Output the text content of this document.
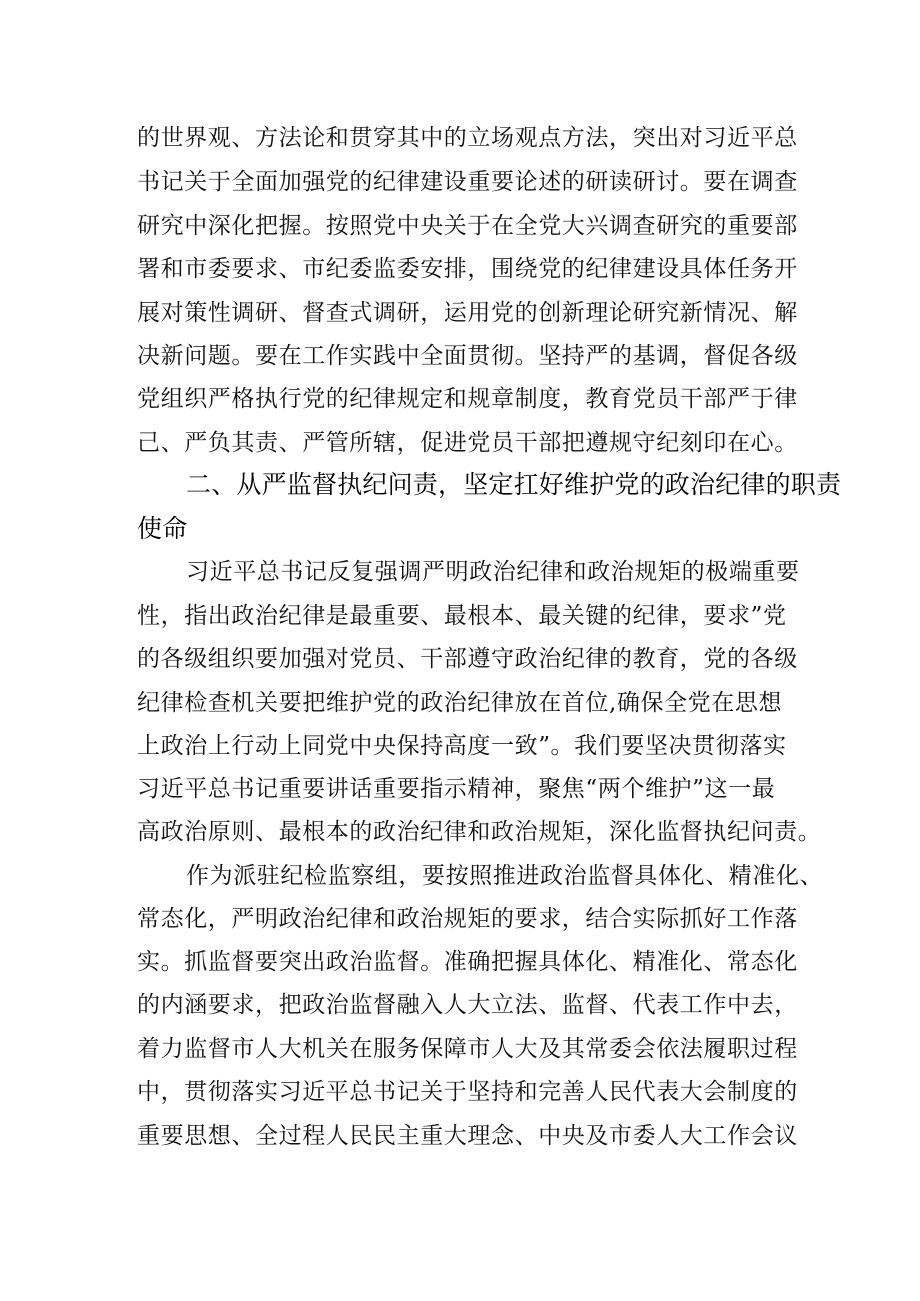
的世界观、方法论和贯穿其中的立场观点方法，突出对习近平总
书记关于全面加强党的纪律建设重要论述的研读研讨。要在调查
研究中深化把握。按照党中央关于在全党大兴调查研究的重要部
署和市委要求、市纪委监委安排，围绕党的纪律建设具体任务开
展对策性调研、督查式调研，运用党的创新理论研究新情况、解
决新问题。要在工作实践中全面贯彻。坚持严的基调，督促各级
党组织严格执行党的纪律规定和规章制度，教育党员干部严于律
己、严负其责、严管所辖，促进党员干部把遵规守纪刻印在心。
二、从严监督执纪问责，坚定扛好维护党的政治纪律的职责
使命
习近平总书记反复强调严明政治纪律和政治规矩的极端重要
性，指出政治纪律是最重要、最根本、最关键的纪律，要求”党
的各级组织要加强对党员、干部遵守政治纪律的教育，党的各级
纪律检查机关要把维护党的政治纪律放在首位,确保全党在思想
上政治上行动上同党中央保持高度一致”。我们要坚决贯彻落实
习近平总书记重要讲话重要指示精神，聚焦“两个维护”这一最
高政治原则、最根本的政治纪律和政治规矩，深化监督执纪问责。
作为派驻纪检监察组，要按照推进政治监督具体化、精准化、
常态化，严明政治纪律和政治规矩的要求，结合实际抓好工作落
实。抓监督要突出政治监督。准确把握具体化、精准化、常态化
的内涵要求，把政治监督融入人大立法、监督、代表工作中去，
着力监督市人大机关在服务保障市人大及其常委会依法履职过程
中，贯彻落实习近平总书记关于坚持和完善人民代表大会制度的
重要思想、全过程人民民主重大理念、中央及市委人大工作会议
